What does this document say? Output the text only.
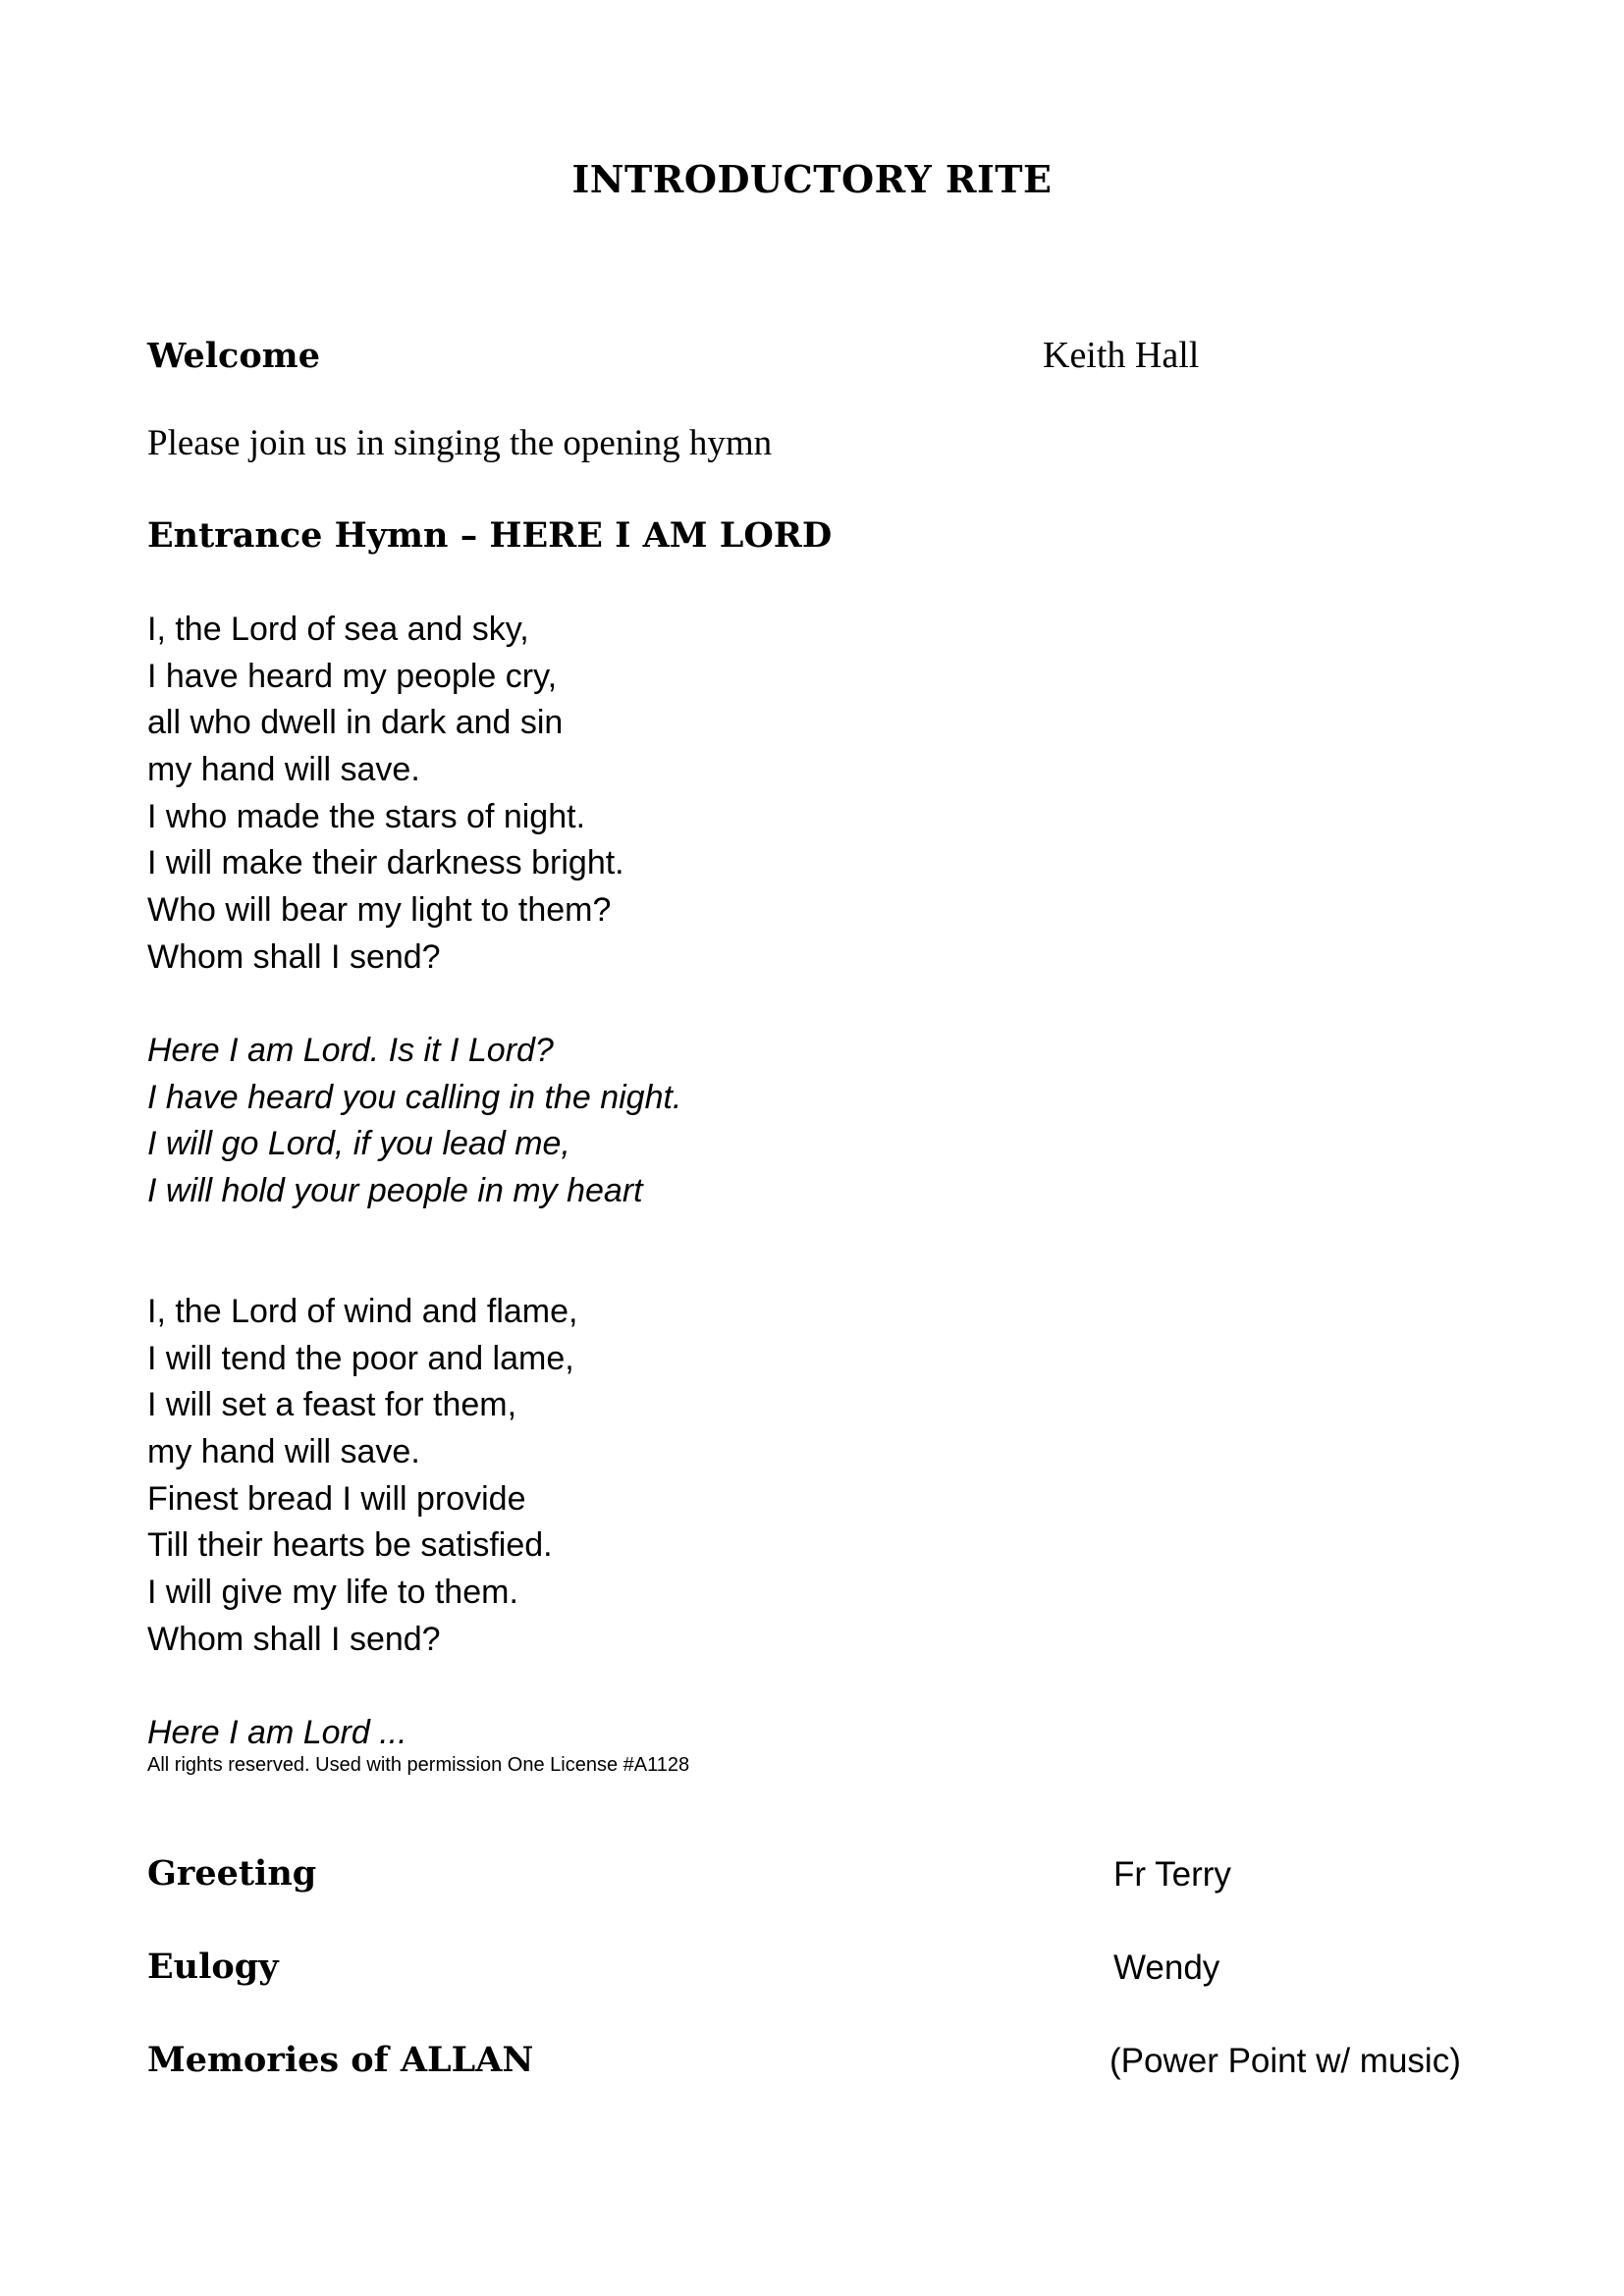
INTRODUCTORY RITE
Welcome	Keith Hall
Please join us in singing the opening hymn
Entrance Hymn – HERE I AM LORD
I, the Lord of sea and sky,
I have heard my people cry,
all who dwell in dark and sin
my hand will save.
I who made the stars of night.
I will make their darkness bright.
Who will bear my light to them?
Whom shall I send?
Here I am Lord. Is it I Lord?
I have heard you calling in the night.
I will go Lord, if you lead me,
I will hold your people in my heart
I, the Lord of wind and flame,
I will tend the poor and lame,
I will set a feast for them,
my hand will save.
Finest bread I will provide
Till their hearts be satisfied.
I will give my life to them.
Whom shall I send?
Here I am Lord ...
All rights reserved. Used with permission One License #A1128
Greeting	Fr Terry
Eulogy	Wendy
Memories of ALLAN	(Power Point w/ music)
